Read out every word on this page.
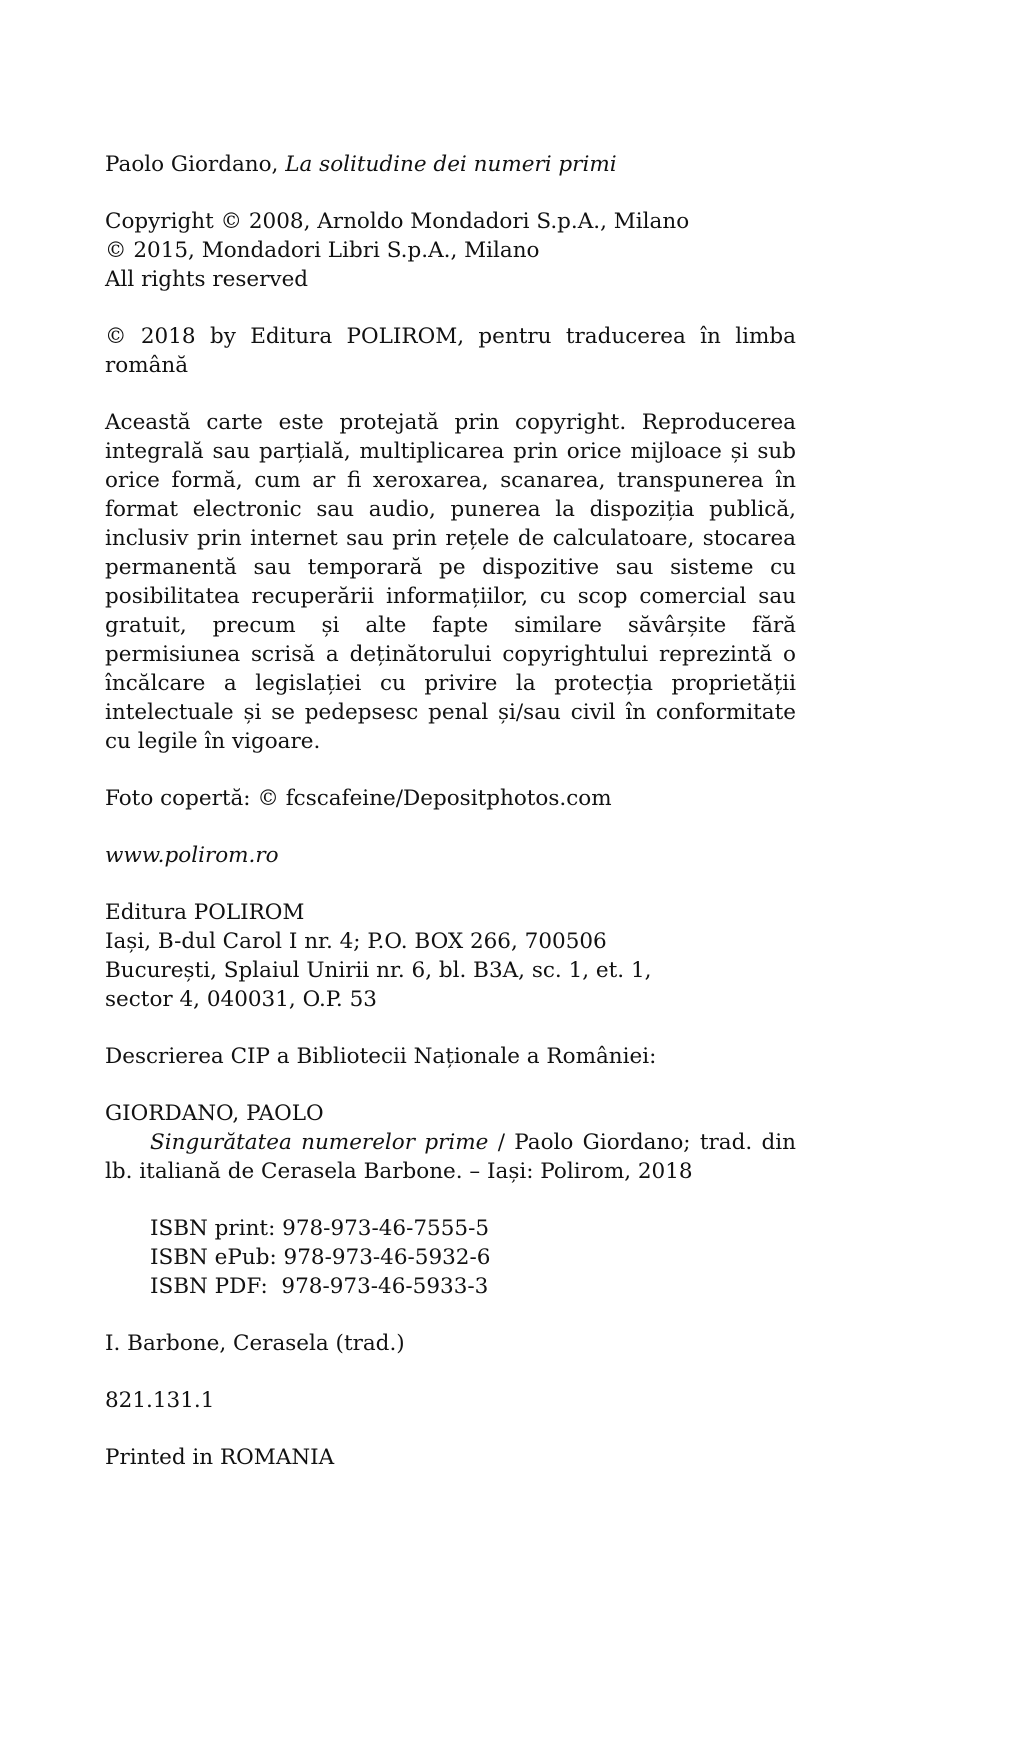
Paolo Giordano, La solitudine dei numeri primi

Copyright © 2008, Arnoldo Mondadori S.p.A., Milano

© 2015, Mondadori Libri S.p.A., Milano

All rights reserved

© 2018 by Editura POLIROM, pentru traducerea în limba română

Această carte este protejată prin copyright. Reproducerea integrală sau parțială, multiplicarea prin orice mijloace și sub orice formă, cum ar fi xeroxarea, scanarea, transpunerea în format electronic sau audio, punerea la dispoziția publică, inclusiv prin internet sau prin rețele de calculatoare, stocarea permanentă sau temporară pe dispozitive sau sisteme cu posibilitatea recuperării informațiilor, cu scop comercial sau gratuit, precum și alte fapte similare săvârșite fără permisiunea scrisă a deținătorului copyrightului reprezintă o încălcare a legislației cu privire la protecția proprietății intelectuale și se pedepsesc penal și/sau civil în conformitate cu legile în vigoare.

Foto copertă: © fcscafeine/Depositphotos.com

www.polirom.ro

Editura POLIROM

Iași, B-dul Carol I nr. 4; P.O. BOX 266, 700506

București, Splaiul Unirii nr. 6, bl. B3A, sc. 1, et. 1,

sector 4, 040031, O.P. 53

Descrierea CIP a Bibliotecii Naționale a României:

GIORDANO, PAOLO

Singurătatea numerelor prime / Paolo Giordano; trad. din lb. italiană de Cerasela Barbone. – Iași: Polirom, 2018

ISBN print: 978-973-46-7555-5

ISBN ePub: 978-973-46-5932-6

ISBN PDF:  978-973-46-5933-3

I. Barbone, Cerasela (trad.)

821.131.1

Printed in ROMANIA
